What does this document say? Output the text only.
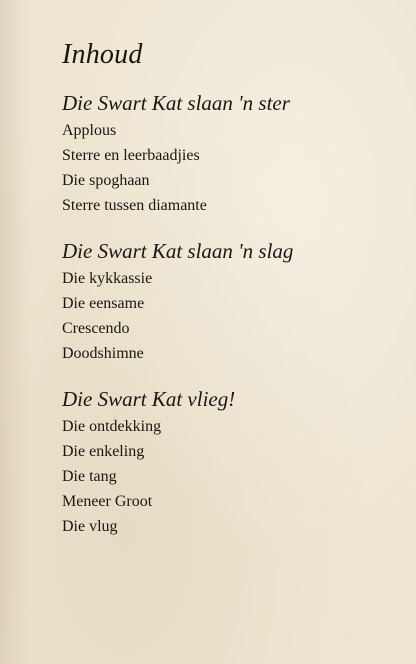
Inhoud
Die Swart Kat slaan 'n ster
Applous
Sterre en leerbaadjies
Die spoghaan
Sterre tussen diamante
Die Swart Kat slaan 'n slag
Die kykkassie
Die eensame
Crescendo
Doodshimne
Die Swart Kat vlieg!
Die ontdekking
Die enkeling
Die tang
Meneer Groot
Die vlug
